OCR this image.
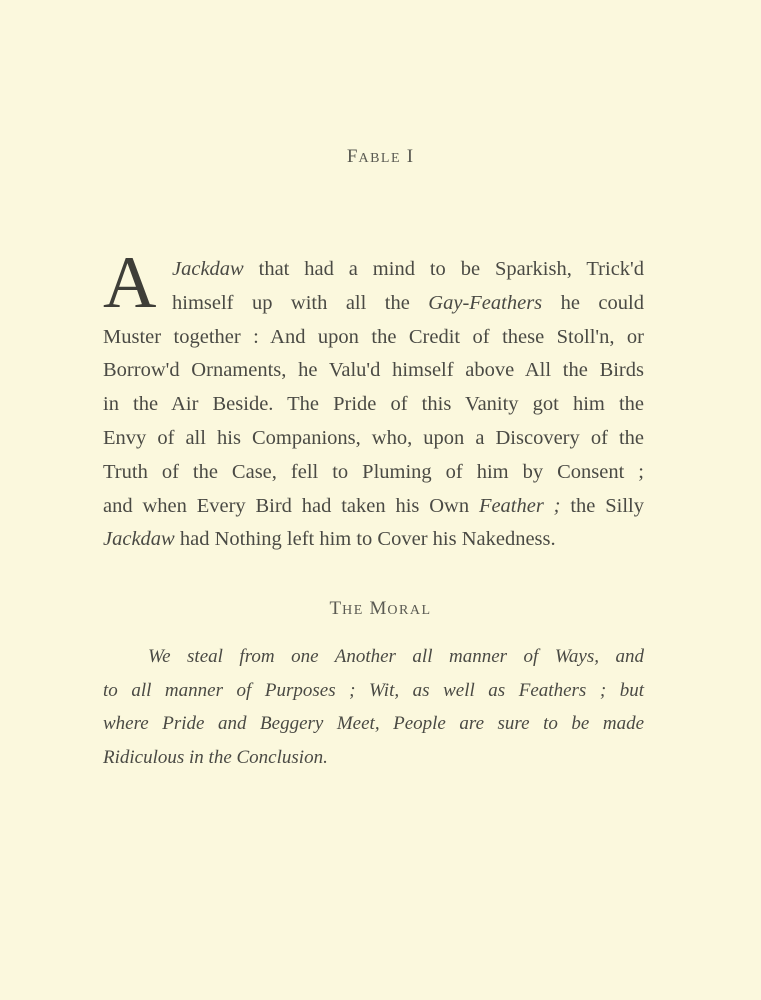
FABLE I
A Jackdaw that had a mind to be Sparkish, Trick'd
himself up with all the Gay-Feathers he could
Muster together : And upon the Credit of these Stoll'n, or
Borrow'd Ornaments, he Valu'd himself above All the Birds
in the Air Beside. The Pride of this Vanity got him the
Envy of all his Companions, who, upon a Discovery of the
Truth of the Case, fell to Pluming of him by Consent ;
and when Every Bird had taken his Own Feather ; the Silly
Jackdaw had Nothing left him to Cover his Nakedness.
THE MORAL
We steal from one Another all manner of Ways, and
to all manner of Purposes ; Wit, as well as Feathers ; but
where Pride and Beggery Meet, People are sure to be made
Ridiculous in the Conclusion.
